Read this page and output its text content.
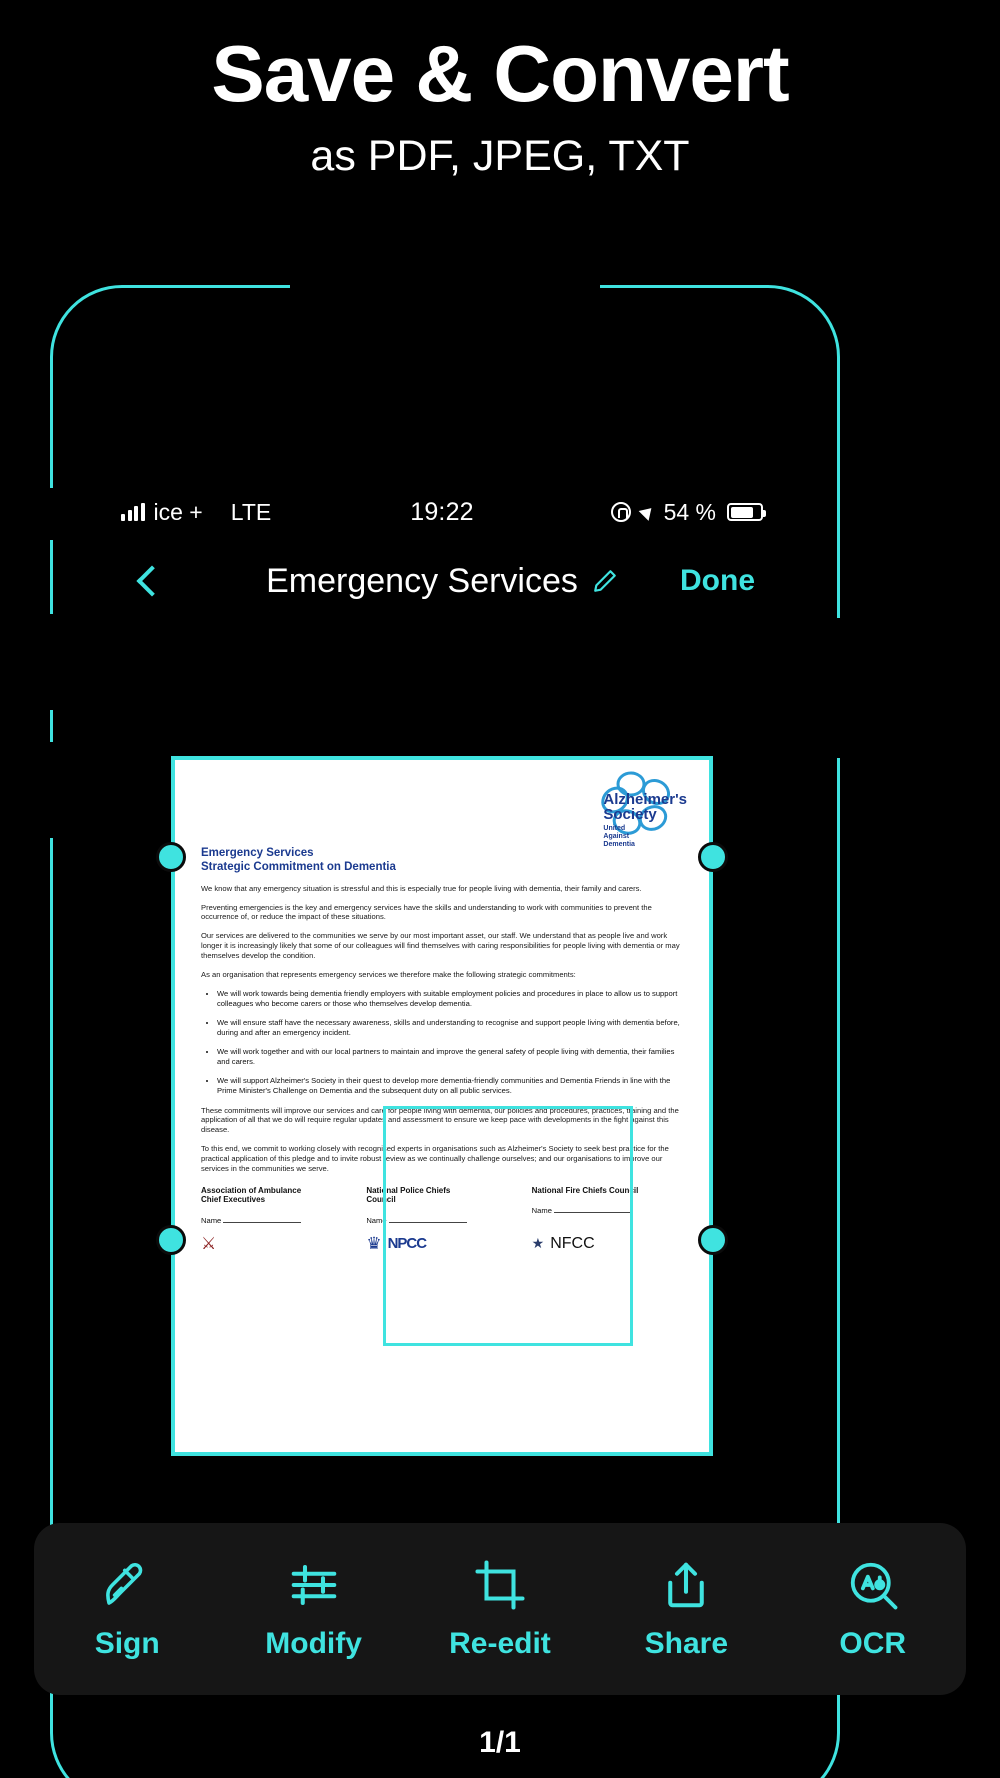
Save & Convert
as PDF, JPEG, TXT
ice + LTE	19:22	54 %
Emergency Services	Done
Alzheimer's
Society
United
Against
Dementia
Emergency Services
Strategic Commitment on Dementia
We know that any emergency situation is stressful and this is especially true for people living with dementia, their family and carers.
Preventing emergencies is the key and emergency services have the skills and understanding to work with communities to prevent the occurrence of, or reduce the impact of these situations.
Our services are delivered to the communities we serve by our most important asset, our staff. We understand that as people live and work longer it is increasingly likely that some of our colleagues will find themselves with caring responsibilities for people living with dementia or may themselves develop the condition.
As an organisation that represents emergency services we therefore make the following strategic commitments:
• We will work towards being dementia friendly employers with suitable employment policies and procedures in place to allow us to support colleagues who become carers or those who themselves develop dementia.
• We will ensure staff have the necessary awareness, skills and understanding to recognise and support people living with dementia before, during and after an emergency incident.
• We will work together and with our local partners to maintain and improve the general safety of people living with dementia, their families and carers.
• We will support Alzheimer's Society in their quest to develop more dementia-friendly communities and Dementia Friends in line with the Prime Minister's Challenge on Dementia and the subsequent duty on all public services.
These commitments will improve our services and care for people living with dementia, our policies and procedures, practices, training and the application of all that we do will require regular updates and assessment to ensure we keep pace with developments in the fight against this disease.
To this end, we commit to working closely with recognised experts in organisations such as Alzheimer's Society to seek best practice for the practical application of this pledge and to invite robust review as we continually challenge ourselves; and our organisations to improve our services in the communities we serve.
Association of Ambulance
Chief Executives
Name
National Police Chiefs
Council
Name
National Fire Chiefs Council
Name
⚔	♛ NPCC	★ NFCC
Sign	Modify	Re-edit	Share	OCR
1/1
